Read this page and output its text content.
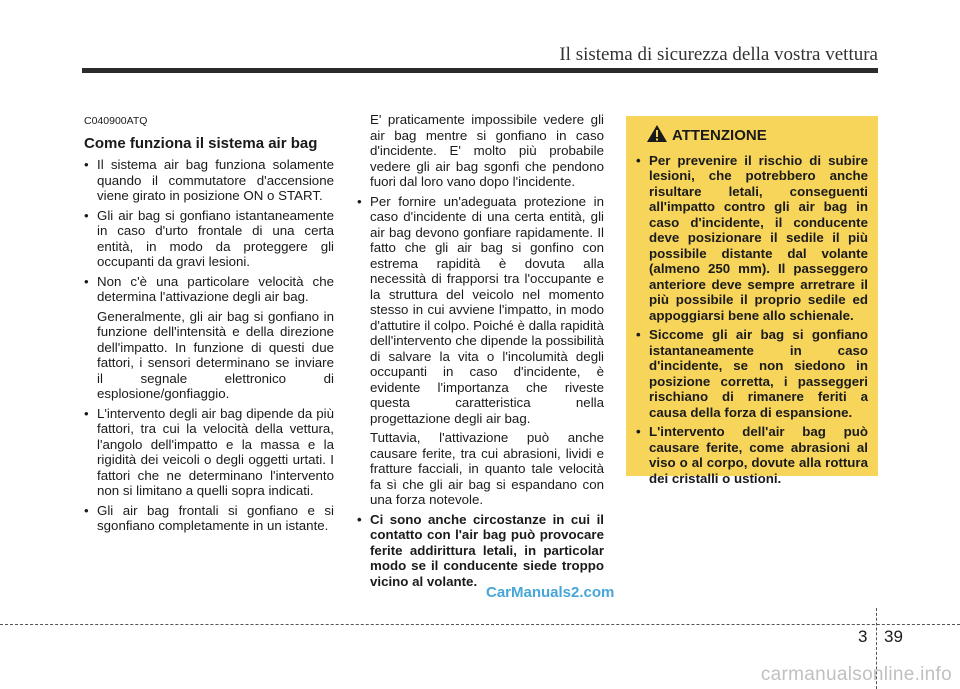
Il sistema di sicurezza della vostra vettura
C040900ATQ
Come funziona il sistema air bag
• Il sistema air bag funziona solamente quando il commutatore d'accensione viene girato in posizione ON o START.
• Gli air bag si gonfiano istantaneamente in caso d'urto frontale di una certa entità, in modo da proteggere gli occupanti da gravi lesioni.
• Non c'è una particolare velocità che determina l'attivazione degli air bag.

Generalmente, gli air bag si gonfiano in funzione dell'intensità e della direzione dell'impatto. In funzione di questi due fattori, i sensori determinano se inviare il segnale elettronico di esplosione/gonfiaggio.

• L'intervento degli air bag dipende da più fattori, tra cui la velocità della vettura, l'angolo dell'impatto e la massa e la rigidità dei veicoli o degli oggetti urtati. I fattori che ne determinano l'intervento non si limitano a quelli sopra indicati.
• Gli air bag frontali si gonfiano e si sgonfiano completamente in un istante.

E' praticamente impossibile vedere gli air bag mentre si gonfiano in caso d'incidente. E' molto più probabile vedere gli air bag sgonfi che pendono fuori dal loro vano dopo l'incidente.

• Per fornire un'adeguata protezione in caso d'incidente di una certa entità, gli air bag devono gonfiare rapidamente. Il fatto che gli air bag si gonfino con estrema rapidità è dovuta alla necessità di frapporsi tra l'occupante e la struttura del veicolo nel momento stesso in cui avviene l'impatto, in modo d'attutire il colpo. Poiché è dalla rapidità dell'intervento che dipende la possibilità di salvare la vita o l'incolumità degli occupanti in caso d'incidente, è evidente l'importanza che riveste questa caratteristica nella progettazione degli air bag.

Tuttavia, l'attivazione può anche causare ferite, tra cui abrasioni, lividi e fratture facciali, in quanto tale velocità fa sì che gli air bag si espandano con una forza notevole.

• Ci sono anche circostanze in cui il contatto con l'air bag può provocare ferite addirittura letali, in particolar modo se il conducente siede troppo vicino al volante.
ATTENZIONE
• Per prevenire il rischio di subire lesioni, che potrebbero anche risultare letali, conseguenti all'impatto contro gli air bag in caso d'incidente, il conducente deve posizionare il sedile il più possibile distante dal volante (almeno 250 mm). Il passeggero anteriore deve sempre arretrare il più possibile il proprio sedile ed appoggiarsi bene allo schienale.
• Siccome gli air bag si gonfiano istantaneamente in caso d'incidente, se non siedono in posizione corretta, i passeggeri rischiano di rimanere feriti a causa della forza di espansione.
• L'intervento dell'air bag può causare ferite, come abrasioni al viso o al corpo, dovute alla rottura dei cristalli o ustioni.
CarManuals2.com
3 39
carmanualsonline.info
